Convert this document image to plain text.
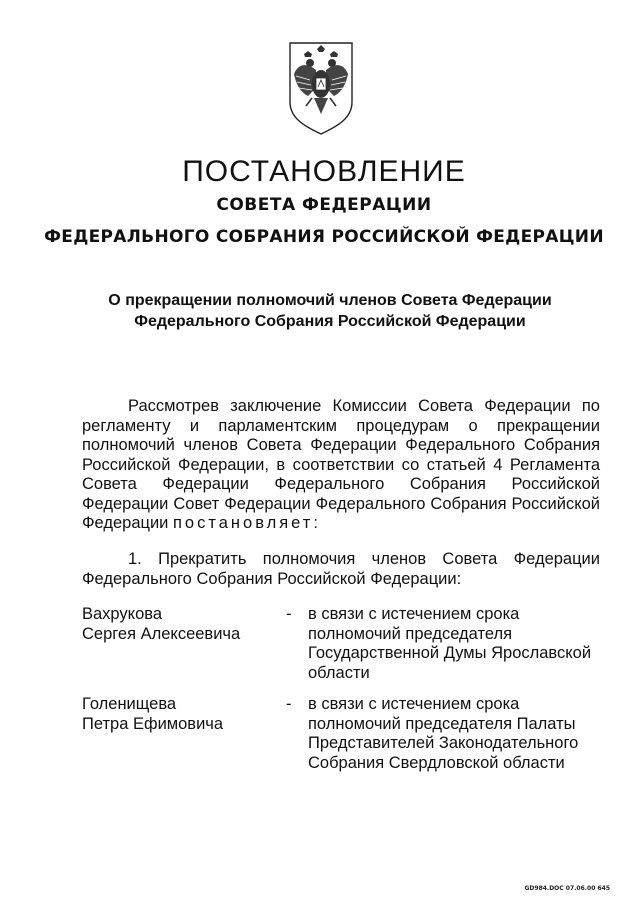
ПОСТАНОВЛЕНИЕ
СОВЕТА ФЕДЕРАЦИИ
ФЕДЕРАЛЬНОГО СОБРАНИЯ РОССИЙСКОЙ ФЕДЕРАЦИИ
О прекращении полномочий членов Совета Федерации
Федерального Собрания Российской Федерации
Рассмотрев заключение Комиссии Совета Федерации по регламенту и парламентским процедурам о прекращении полномочий членов Совета Федерации Федерального Собрания Российской Федерации, в соответствии со статьей 4 Регламента Совета Федерации Федерального Собрания Российской Федерации Совет Федерации Федерального Собрания Российской Федерации постановляет:
1. Прекратить полномочия членов Совета Федерации Федерального Собрания Российской Федерации:
Вахрукова
Сергея Алексеевича
-	в связи с истечением срока полномочий председателя Государственной Думы Ярославской области
Голенищева
Петра Ефимовича
-	в связи с истечением срока полномочий председателя Палаты Представителей Законодательного Собрания Свердловской области
GD984.DOC 07.06.00 645
